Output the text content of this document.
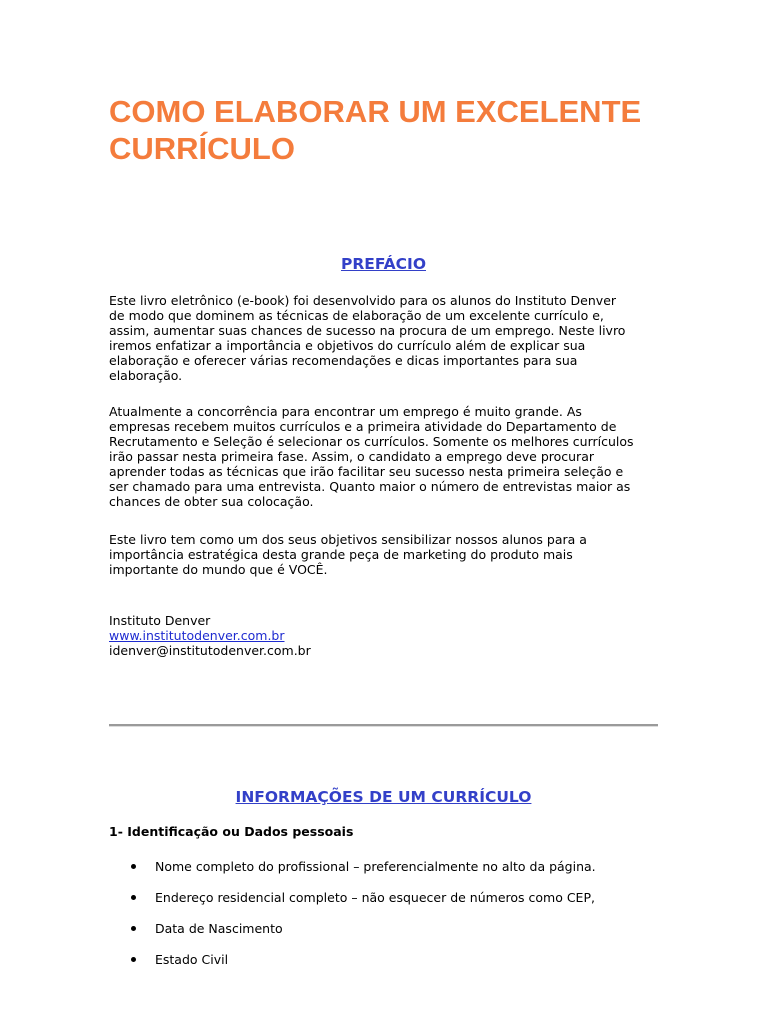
COMO ELABORAR UM EXCELENTE
CURRÍCULO
PREFÁCIO
Este livro eletrônico (e-book) foi desenvolvido para os alunos do Instituto Denver
de modo que dominem as técnicas de elaboração de um excelente currículo e,
assim, aumentar suas chances de sucesso na procura de um emprego. Neste livro
iremos enfatizar a importância e objetivos do currículo além de explicar sua
elaboração e oferecer várias recomendações e dicas importantes para sua
elaboração.
Atualmente a concorrência para encontrar um emprego é muito grande. As
empresas recebem muitos currículos e a primeira atividade do Departamento de
Recrutamento e Seleção é selecionar os currículos. Somente os melhores currículos
irão passar nesta primeira fase. Assim, o candidato a emprego deve procurar
aprender todas as técnicas que irão facilitar seu sucesso nesta primeira seleção e
ser chamado para uma entrevista. Quanto maior o número de entrevistas maior as
chances de obter sua colocação.
Este livro tem como um dos seus objetivos sensibilizar nossos alunos para a
importância estratégica desta grande peça de marketing do produto mais
importante do mundo que é VOCÊ.
Instituto Denver
www.institutodenver.com.br
idenver@institutodenver.com.br
INFORMAÇÕES DE UM CURRÍCULO
1- Identificação ou Dados pessoais
Nome completo do profissional – preferencialmente no alto da página.
Endereço residencial completo – não esquecer de números como CEP,
Data de Nascimento
Estado Civil
